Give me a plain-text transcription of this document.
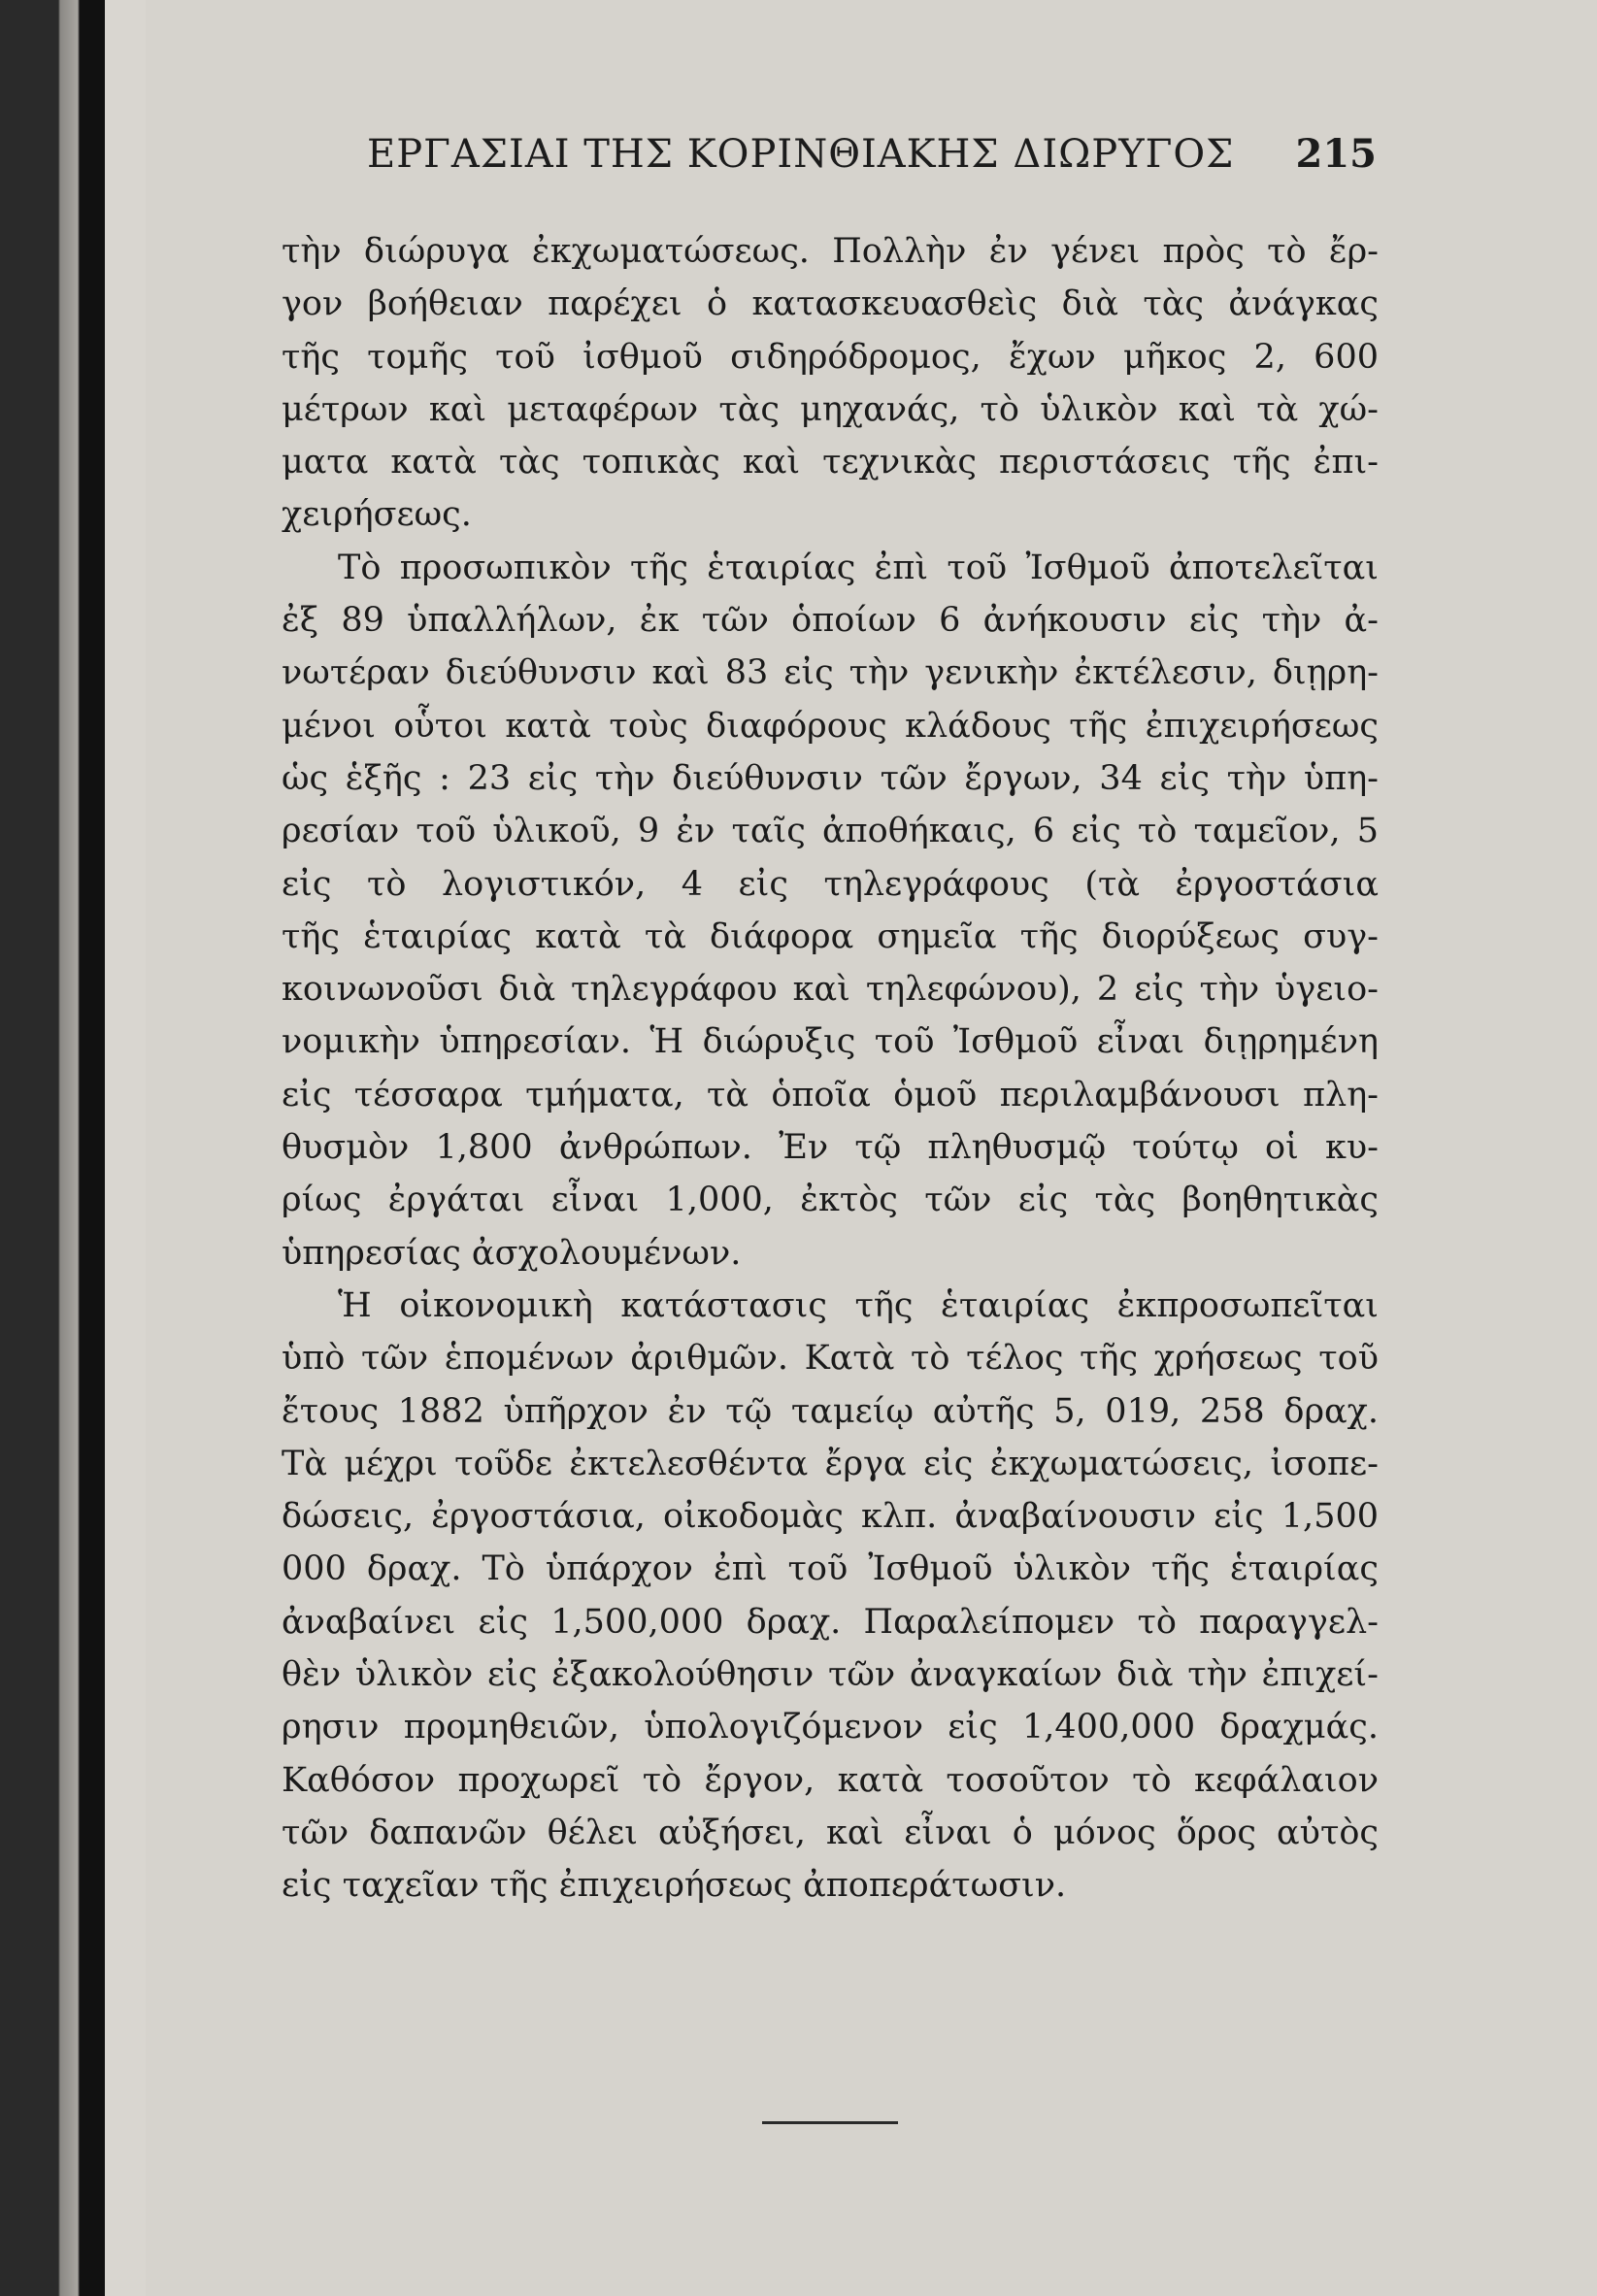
ΕΡΓΑΣΙΑΙ ΤΗΣ ΚΟΡΙΝΘΙΑΚΗΣ ΔΙΩΡΥΓΟΣ 215
τὴν διώρυγα ἐκχωματώσεως. Πολλὴν ἐν γένει πρὸς τὸ ἔρ-
γον βοήθειαν παρέχει ὁ κατασκευασθεὶς διὰ τὰς ἀνάγκας
τῆς τομῆς τοῦ ἰσθμοῦ σιδηρόδρομος, ἔχων μῆκος 2, 600
μέτρων καὶ μεταφέρων τὰς μηχανάς, τὸ ὑλικὸν καὶ τὰ χώ-
ματα κατὰ τὰς τοπικὰς καὶ τεχνικὰς περιστάσεις τῆς ἐπι-
χειρήσεως.
Τὸ προσωπικὸν τῆς ἑταιρίας ἐπὶ τοῦ Ἰσθμοῦ ἀποτελεῖται
ἐξ 89 ὑπαλλήλων, ἐκ τῶν ὁποίων 6 ἀνήκουσιν εἰς τὴν ἀ-
νωτέραν διεύθυνσιν καὶ 83 εἰς τὴν γενικὴν ἐκτέλεσιν, διῃρη-
μένοι οὗτοι κατὰ τοὺς διαφόρους κλάδους τῆς ἐπιχειρήσεως
ὡς ἑξῆς : 23 εἰς τὴν διεύθυνσιν τῶν ἔργων, 34 εἰς τὴν ὑπη-
ρεσίαν τοῦ ὑλικοῦ, 9 ἐν ταῖς ἀποθήκαις, 6 εἰς τὸ ταμεῖον, 5
εἰς τὸ λογιστικόν, 4 εἰς τηλεγράφους (τὰ ἐργοστάσια
τῆς ἑταιρίας κατὰ τὰ διάφορα σημεῖα τῆς διορύξεως συγ-
κοινωνοῦσι διὰ τηλεγράφου καὶ τηλεφώνου), 2 εἰς τὴν ὑγειο-
νομικὴν ὑπηρεσίαν. Ἡ διώρυξις τοῦ Ἰσθμοῦ εἶναι διῃρημένη
εἰς τέσσαρα τμήματα, τὰ ὁποῖα ὁμοῦ περιλαμβάνουσι πλη-
θυσμὸν 1,800 ἀνθρώπων. Ἐν τῷ πληθυσμῷ τούτῳ οἱ κυ-
ρίως ἐργάται εἶναι 1,000, ἐκτὸς τῶν εἰς τὰς βοηθητικὰς
ὑπηρεσίας ἀσχολουμένων.
Ἡ οἰκονομικὴ κατάστασις τῆς ἑταιρίας ἐκπροσωπεῖται
ὑπὸ τῶν ἑπομένων ἀριθμῶν. Κατὰ τὸ τέλος τῆς χρήσεως τοῦ
ἔτους 1882 ὑπῆρχον ἐν τῷ ταμείῳ αὐτῆς 5, 019, 258 δραχ.
Τὰ μέχρι τοῦδε ἐκτελεσθέντα ἔργα εἰς ἐκχωματώσεις, ἰσοπε-
δώσεις, ἐργοστάσια, οἰκοδομὰς κλπ. ἀναβαίνουσιν εἰς 1,500
000 δραχ. Τὸ ὑπάρχον ἐπὶ τοῦ Ἰσθμοῦ ὑλικὸν τῆς ἑταιρίας
ἀναβαίνει εἰς 1,500,000 δραχ. Παραλείπομεν τὸ παραγγελ-
θὲν ὑλικὸν εἰς ἐξακολούθησιν τῶν ἀναγκαίων διὰ τὴν ἐπιχεί-
ρησιν προμηθειῶν, ὑπολογιζόμενον εἰς 1,400,000 δραχμάς.
Καθόσον προχωρεῖ τὸ ἔργον, κατὰ τοσοῦτον τὸ κεφάλαιον
τῶν δαπανῶν θέλει αὐξήσει, καὶ εἶναι ὁ μόνος ὅρος αὐτὸς
εἰς ταχεῖαν τῆς ἐπιχειρήσεως ἀποπεράτωσιν.
